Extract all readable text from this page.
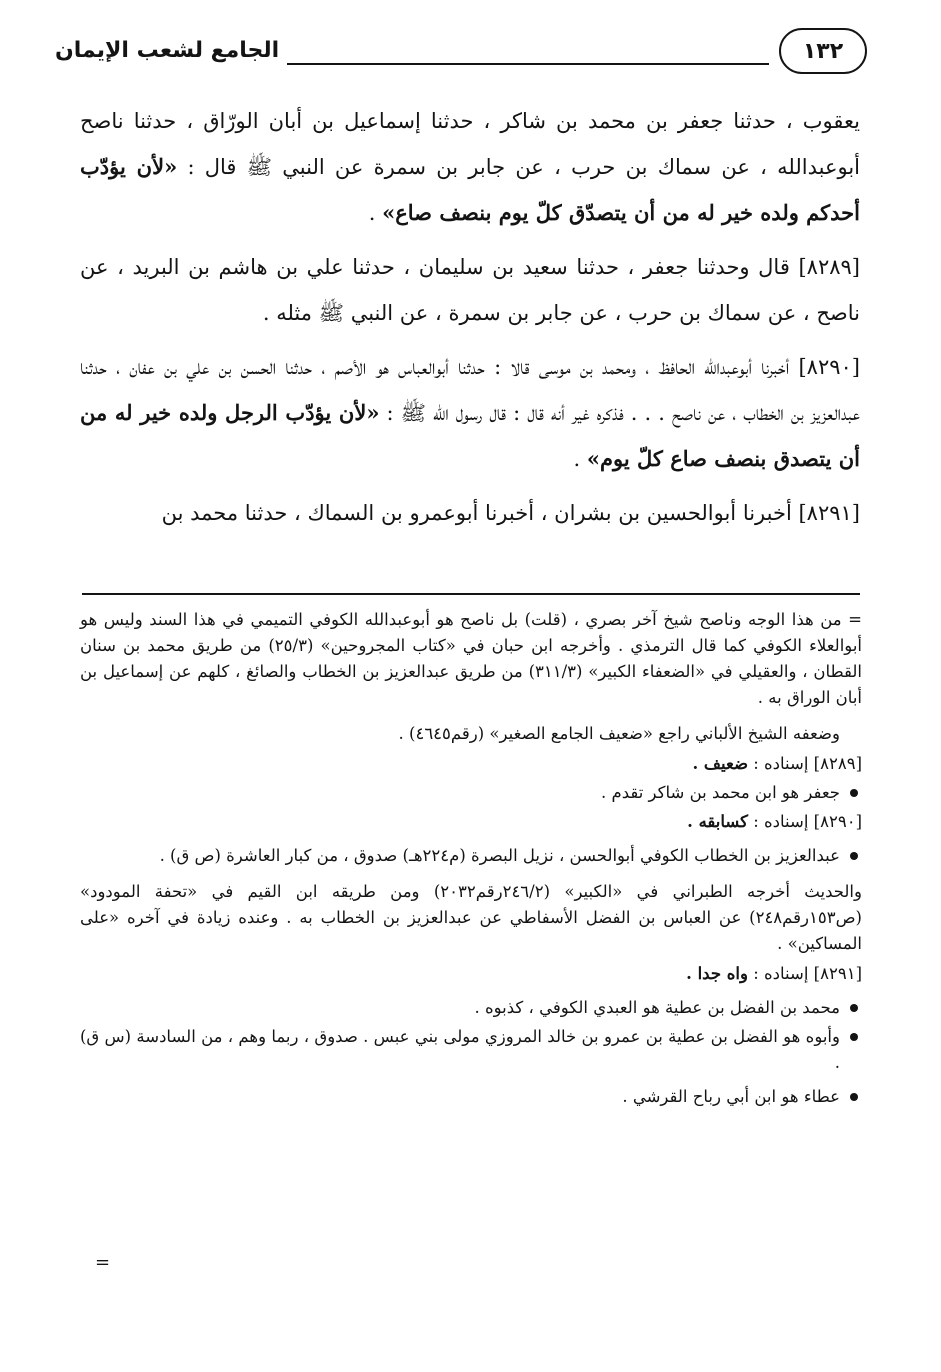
الجامع لشعب الإيمان	١٣٢

يعقوب ، حدثنا جعفر بن محمد بن شاكر ، حدثنا إسماعيل بن أبان الورّاق ، حدثنا ناصح أبوعبدالله ، عن سماك بن حرب ، عن جابر بن سمرة عن النبي ﷺ قال : «لأن يؤدّب أحدكم ولده خير له من أن يتصدّق كلّ يوم بنصف صاع» .

[٨٢٨٩] قال وحدثنا جعفر ، حدثنا سعيد بن سليمان ، حدثنا علي بن هاشم بن البريد ، عن ناصح ، عن سماك بن حرب ، عن جابر بن سمرة ، عن النبي ﷺ مثله .

[٨٢٩٠] أخبرنا أبوعبدالله الحافظ ، ومحمد بن موسى قالا : حدثنا أبوالعباس هو الأصم ، حدثنا الحسن بن علي بن عفان ، حدثنا عبدالعزيز بن الخطاب ، عن ناصح . . . فذكره غير أنه قال : قال رسول الله ﷺ : «لأن يؤدّب الرجل ولده خير له من أن يتصدق بنصف صاع كلّ يوم» .

[٨٢٩١] أخبرنا أبوالحسين بن بشران ، أخبرنا أبوعمرو بن السماك ، حدثنا محمد بن

= من هذا الوجه وناصح شيخ آخر بصري ، (قلت) بل ناصح هو أبوعبدالله الكوفي التميمي في هذا السند وليس هو أبوالعلاء الكوفي كما قال الترمذي . وأخرجه ابن حبان في «كتاب المجروحين» (٢٥/٣) من طريق محمد بن سنان القطان ، والعقيلي في «الضعفاء الكبير» (٣١١/٣) من طريق عبدالعزيز بن الخطاب والصائغ ، كلهم عن إسماعيل بن أبان الوراق به .

وضعفه الشيخ الألباني راجع «ضعيف الجامع الصغير» (رقم٤٦٤٥) .

[٨٢٨٩] إسناده : ضعيف .

جعفر هو ابن محمد بن شاكر تقدم .

[٨٢٩٠] إسناده : كسابقه .

عبدالعزيز بن الخطاب الكوفي أبوالحسن ، نزيل البصرة (م٢٢٤هـ) صدوق ، من كبار العاشرة (ص ق) .

والحديث أخرجه الطبراني في «الكبير» (٢٤٦/٢رقم٢٠٣٢) ومن طريقه ابن القيم في «تحفة المودود» (ص١٥٣رقم٢٤٨) عن العباس بن الفضل الأسفاطي عن عبدالعزيز بن الخطاب به . وعنده زيادة في آخره «على المساكين» .

[٨٢٩١] إسناده : واه جدا .

محمد بن الفضل بن عطية هو العبدي الكوفي ، كذبوه .

وأبوه هو الفضل بن عطية بن عمرو بن خالد المروزي مولى بني عبس . صدوق ، ربما وهم ، من السادسة (س ق) .

عطاء هو ابن أبي رباح القرشي .

=
